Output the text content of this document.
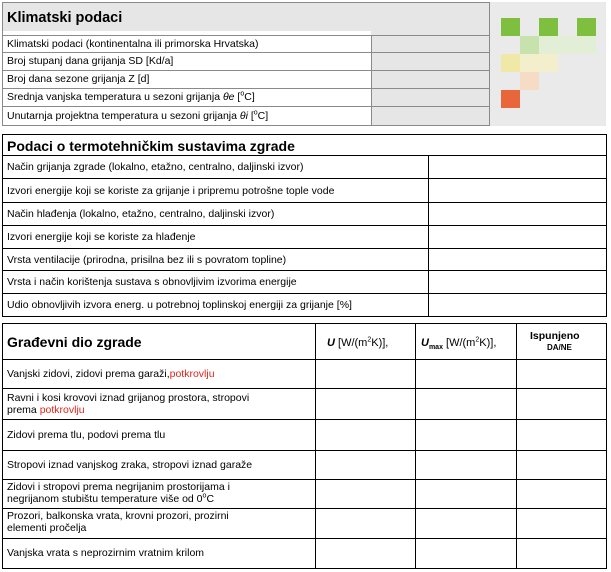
Klimatski podaci
Klimatski podaci (kontinentalna ili primorska Hrvatska)
Broj stupanj dana grijanja SD [Kd/a]
Broj dana sezone grijanja Z [d]
Srednja vanjska temperatura u sezoni grijanja θe [$^o$C]
Unutarnja projektna temperatura u sezoni grijanja θi [$^o$C]
Podaci o termotehničkim sustavima zgrade
Način grijanja zgrade (lokalno, etažno, centralno, daljinski izvor)
Izvori energije koji se koriste za grijanje i pripremu potrošne tople vode
Način hlađenja (lokalno, etažno, centralno, daljinski izvor)
Izvori energije koji se koriste za hlađenje
Vrsta ventilacije (prirodna, prisilna bez ili s povratom topline)
Vrsta i način korištenja sustava s obnovljivim izvorima energije
Udio obnovljivih izvora energ. u potrebnoj toplinskoj energiji za grijanje [%]
Građevni dio zgrade	U $[W/(m^2K)]$,	$U_{max}$ $[W/(m^2K)]$,
Ispunjeno
DA/NE
Vanjski zidovi, zidovi prema garaži,potkrovlju
Ravni i kosi krovovi iznad grijanog prostora, stropovi
prema potkrovlju
Zidovi prema tlu, podovi prema tlu
Stropovi iznad vanjskog zraka, stropovi iznad garaže
Zidovi i stropovi prema negrijanim prostorijama i
negrijanom stubištu temperature više od 0$^o$C
Prozori, balkonska vrata, krovni prozori, prozirni
elementi pročelja
Vanjska vrata s neprozirnim vratnim krilom
